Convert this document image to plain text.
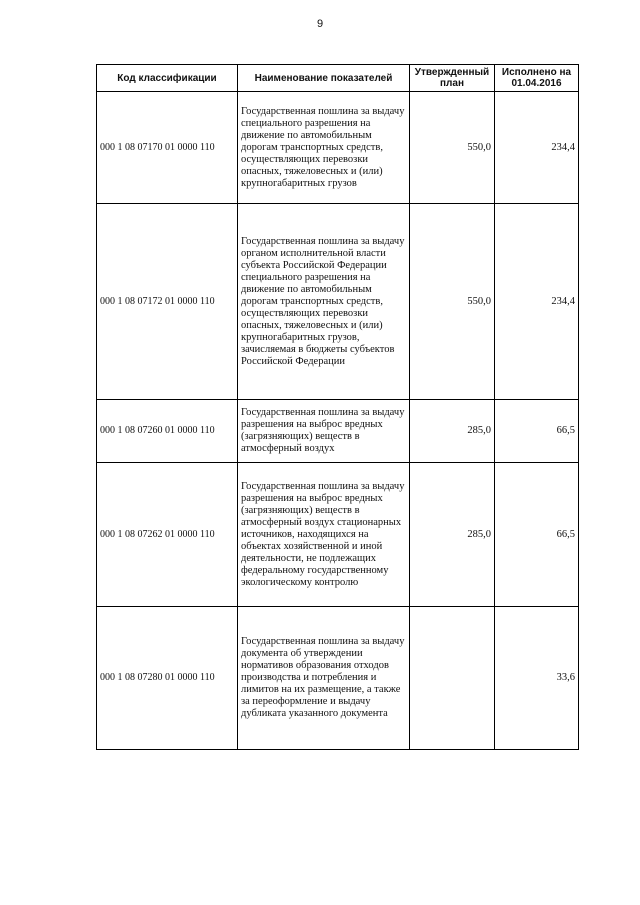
9
Код классификации	Наименование показателей	Утвержденный план	Исполнено на 01.04.2016
000 1 08 07170 01 0000 110	Государственная пошлина за выдачу специального разрешения на движение по автомобильным дорогам транспортных средств, осуществляющих перевозки опасных, тяжеловесных и (или) крупногабаритных грузов	550,0	234,4
000 1 08 07172 01 0000 110	Государственная пошлина за выдачу органом исполнительной власти субъекта Российской Федерации специального разрешения на движение по автомобильным дорогам транспортных средств, осуществляющих перевозки опасных, тяжеловесных и (или) крупногабаритных грузов, зачисляемая в бюджеты субъектов Российской Федерации	550,0	234,4
000 1 08 07260 01 0000 110	Государственная пошлина за выдачу разрешения на выброс вредных (загрязняющих) веществ в атмосферный воздух	285,0	66,5
000 1 08 07262 01 0000 110	Государственная пошлина за выдачу разрешения на выброс вредных (загрязняющих) веществ в атмосферный воздух стационарных источников, находящихся на объектах хозяйственной и иной деятельности, не подлежащих федеральному государственному экологическому контролю	285,0	66,5
000 1 08 07280 01 0000 110	Государственная пошлина за выдачу документа об утверждении нормативов образования отходов производства и потребления и лимитов на их размещение, а также за переоформление и выдачу дубликата указанного документа		33,6
